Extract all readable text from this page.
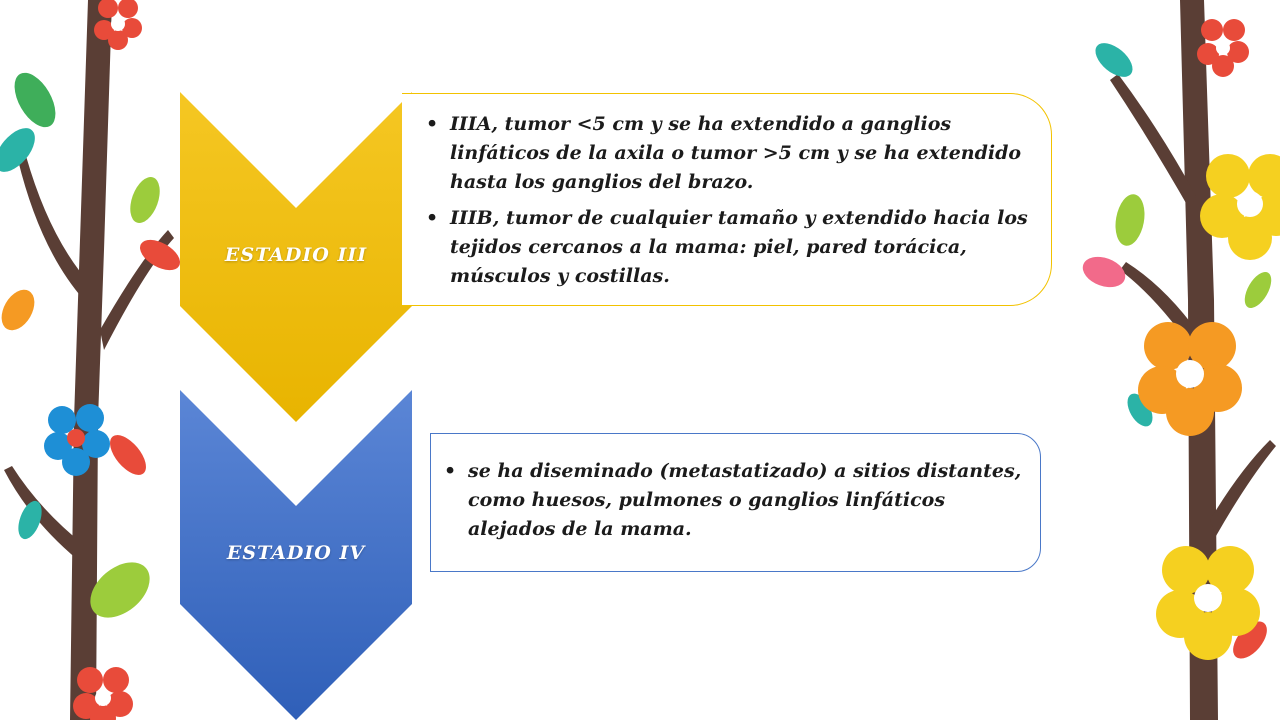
ESTADIO III
ESTADIO IV
• IIIA, tumor <5 cm y se ha extendido a ganglios linfáticos de la axila o tumor >5 cm y se ha extendido hasta los ganglios del brazo.
• IIIB, tumor de cualquier tamaño y extendido hacia los tejidos cercanos a la mama: piel, pared torácica, músculos y costillas.
• se ha diseminado (metastatizado) a sitios distantes, como huesos, pulmones o ganglios linfáticos alejados de la mama.
